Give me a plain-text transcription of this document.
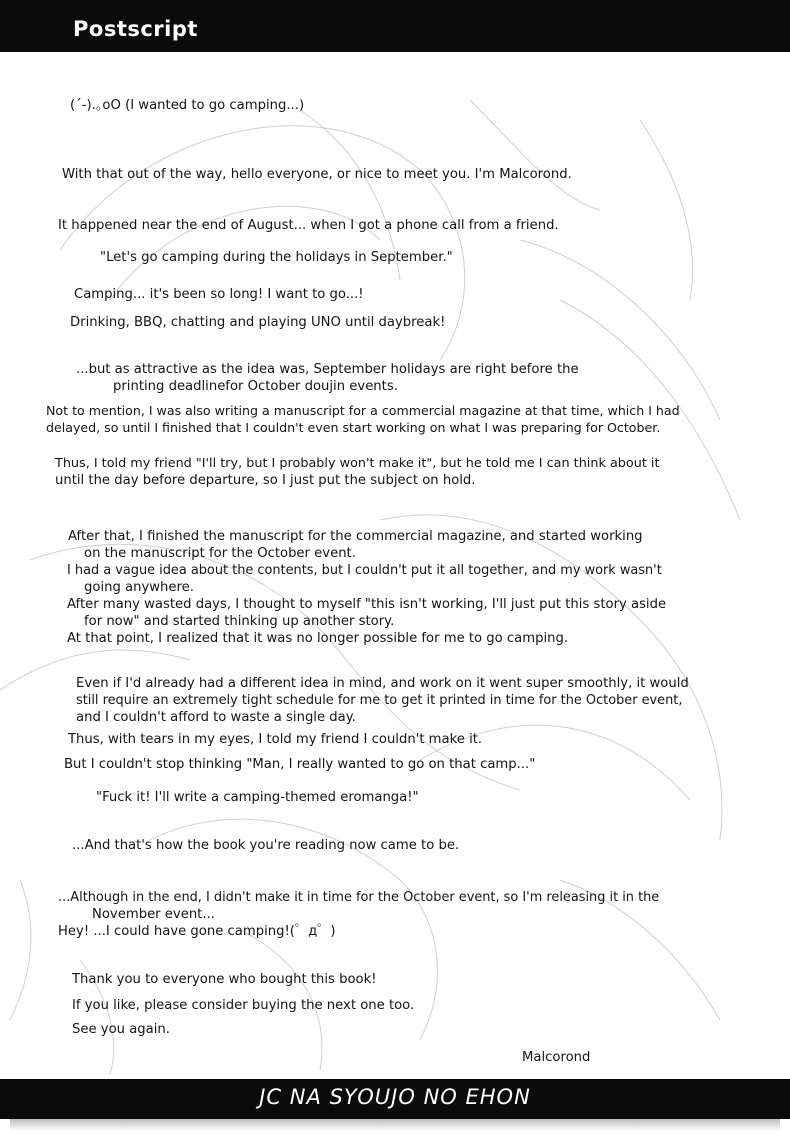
Postscript
(´-).｡oO (I wanted to go camping...)
With that out of the way, hello everyone, or nice to meet you. I'm Malcorond.
It happened near the end of August... when I got a phone call from a friend.
"Let's go camping during the holidays in September."
Camping... it's been so long! I want to go...!
Drinking, BBQ, chatting and playing UNO until daybreak!
...but as attractive as the idea was, September holidays are right before the
printing deadlinefor October doujin events.
Not to mention, I was also writing a manuscript for a commercial magazine at that time, which I had
delayed, so until I finished that I couldn't even start working on what I was preparing for October.
Thus, I told my friend "I'll try, but I probably won't make it", but he told me I can think about it
until the day before departure, so I just put the subject on hold.
After that, I finished the manuscript for the commercial magazine, and started working
on the manuscript for the October event.
I had a vague idea about the contents, but I couldn't put it all together, and my work wasn't
going anywhere.
After many wasted days, I thought to myself "this isn't working, I'll just put this story aside
for now" and started thinking up another story.
At that point, I realized that it was no longer possible for me to go camping.
Even if I'd already had a different idea in mind, and work on it went super smoothly, it would
still require an extremely tight schedule for me to get it printed in time for the October event,
and I couldn't afford to waste a single day.
Thus, with tears in my eyes, I told my friend I couldn't make it.
But I couldn't stop thinking "Man, I really wanted to go on that camp..."
"Fuck it! I'll write a camping-themed eromanga!"
...And that's how the book you're reading now came to be.
...Although in the end, I didn't make it in time for the October event, so I'm releasing it in the
November event...
Hey! ...I could have gone camping!(゜д゜)
Thank you to everyone who bought this book!
If you like, please consider buying the next one too.
See you again.
Malcorond
JC NA SYOUJO NO EHON
